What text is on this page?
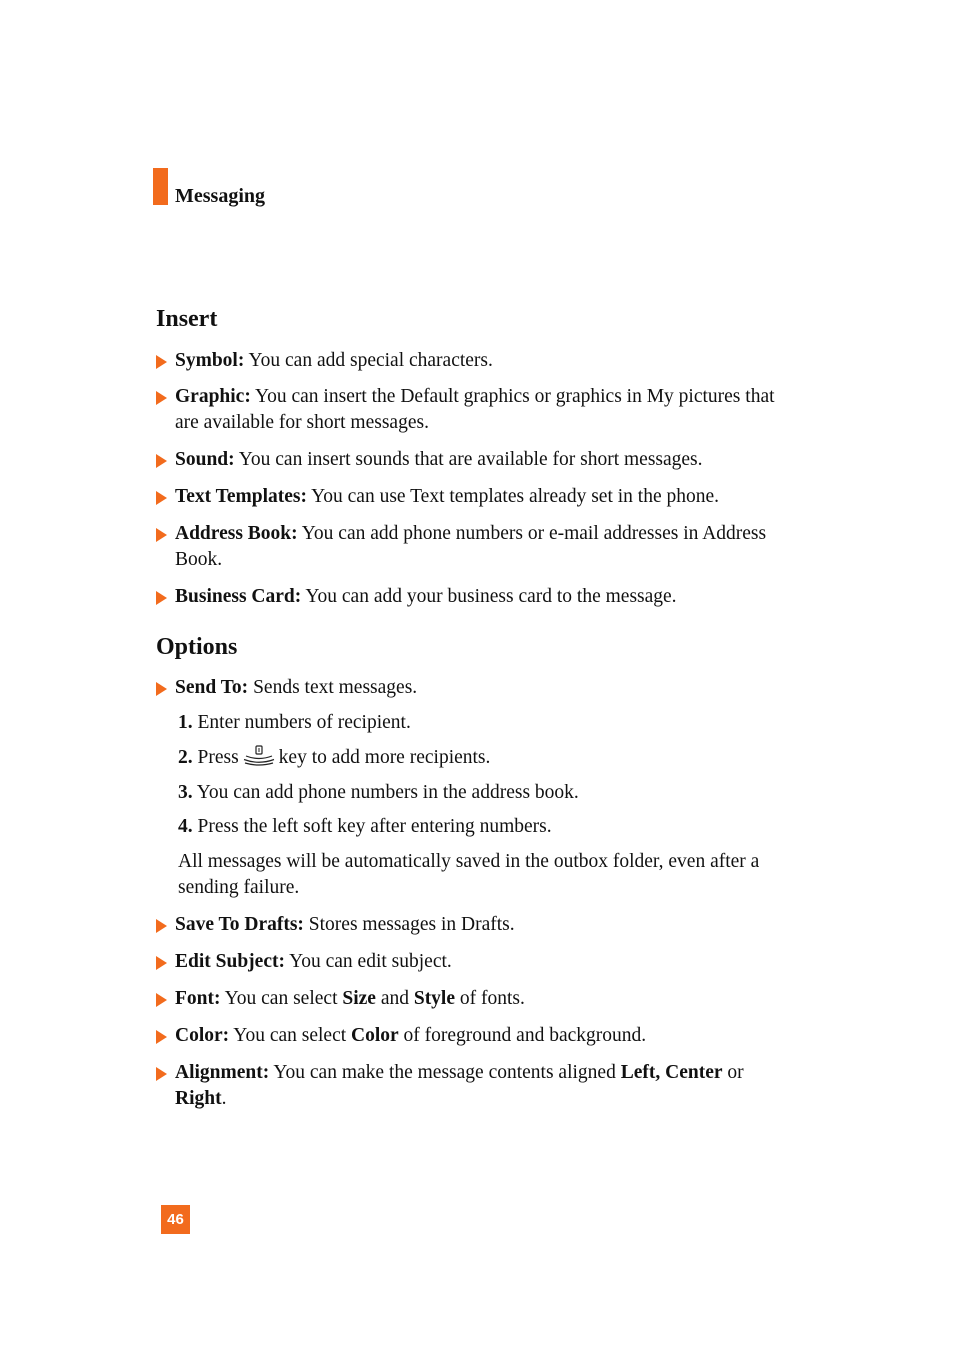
Messaging
Insert
Symbol: You can add special characters.
Graphic: You can insert the Default graphics or graphics in My pictures that are available for short messages.
Sound: You can insert sounds that are available for short messages.
Text Templates: You can use Text templates already set in the phone.
Address Book: You can add phone numbers or e-mail addresses in Address Book.
Business Card: You can add your business card to the message.
Options
Send To: Sends text messages.
1. Enter numbers of recipient.
2. Press key to add more recipients.
3. You can add phone numbers in the address book.
4. Press the left soft key after entering numbers.
All messages will be automatically saved in the outbox folder, even after a sending failure.
Save To Drafts: Stores messages in Drafts.
Edit Subject: You can edit subject.
Font: You can select Size and Style of fonts.
Color: You can select Color of foreground and background.
Alignment: You can make the message contents aligned Left, Center or Right.
46
